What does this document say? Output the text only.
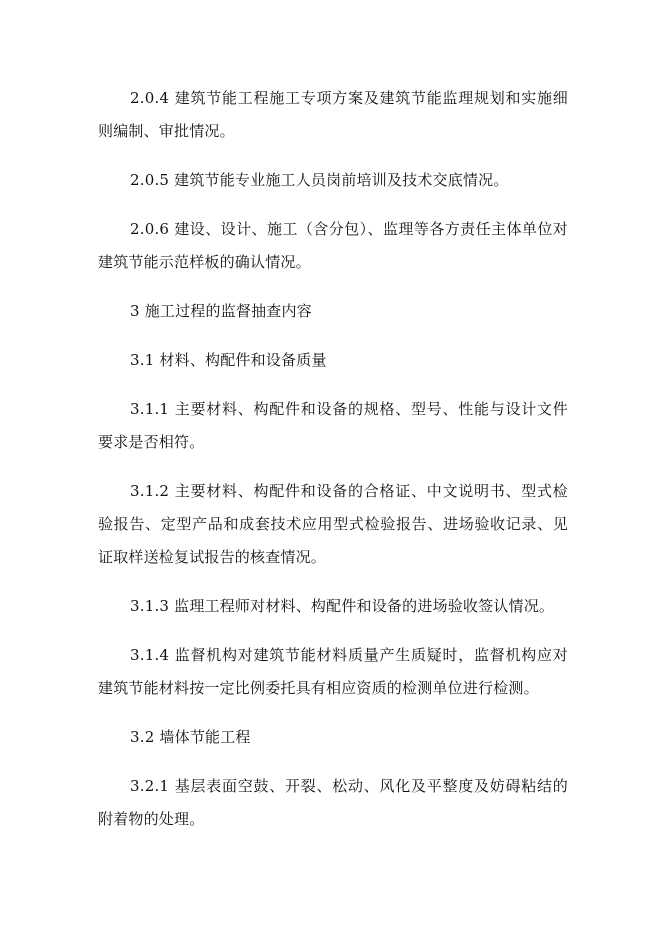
2.0.4 建筑节能工程施工专项方案及建筑节能监理规划和实施细则编制、审批情况。

2.0.5 建筑节能专业施工人员岗前培训及技术交底情况。

2.0.6 建设、设计、施工（含分包）、监理等各方责任主体单位对建筑节能示范样板的确认情况。

3 施工过程的监督抽查内容

3.1 材料、构配件和设备质量

3.1.1 主要材料、构配件和设备的规格、型号、性能与设计文件要求是否相符。

3.1.2 主要材料、构配件和设备的合格证、中文说明书、型式检验报告、定型产品和成套技术应用型式检验报告、进场验收记录、见证取样送检复试报告的核查情况。

3.1.3 监理工程师对材料、构配件和设备的进场验收签认情况。

3.1.4 监督机构对建筑节能材料质量产生质疑时，监督机构应对建筑节能材料按一定比例委托具有相应资质的检测单位进行检测。

3.2 墙体节能工程

3.2.1 基层表面空鼓、开裂、松动、风化及平整度及妨碍粘结的附着物的处理。
